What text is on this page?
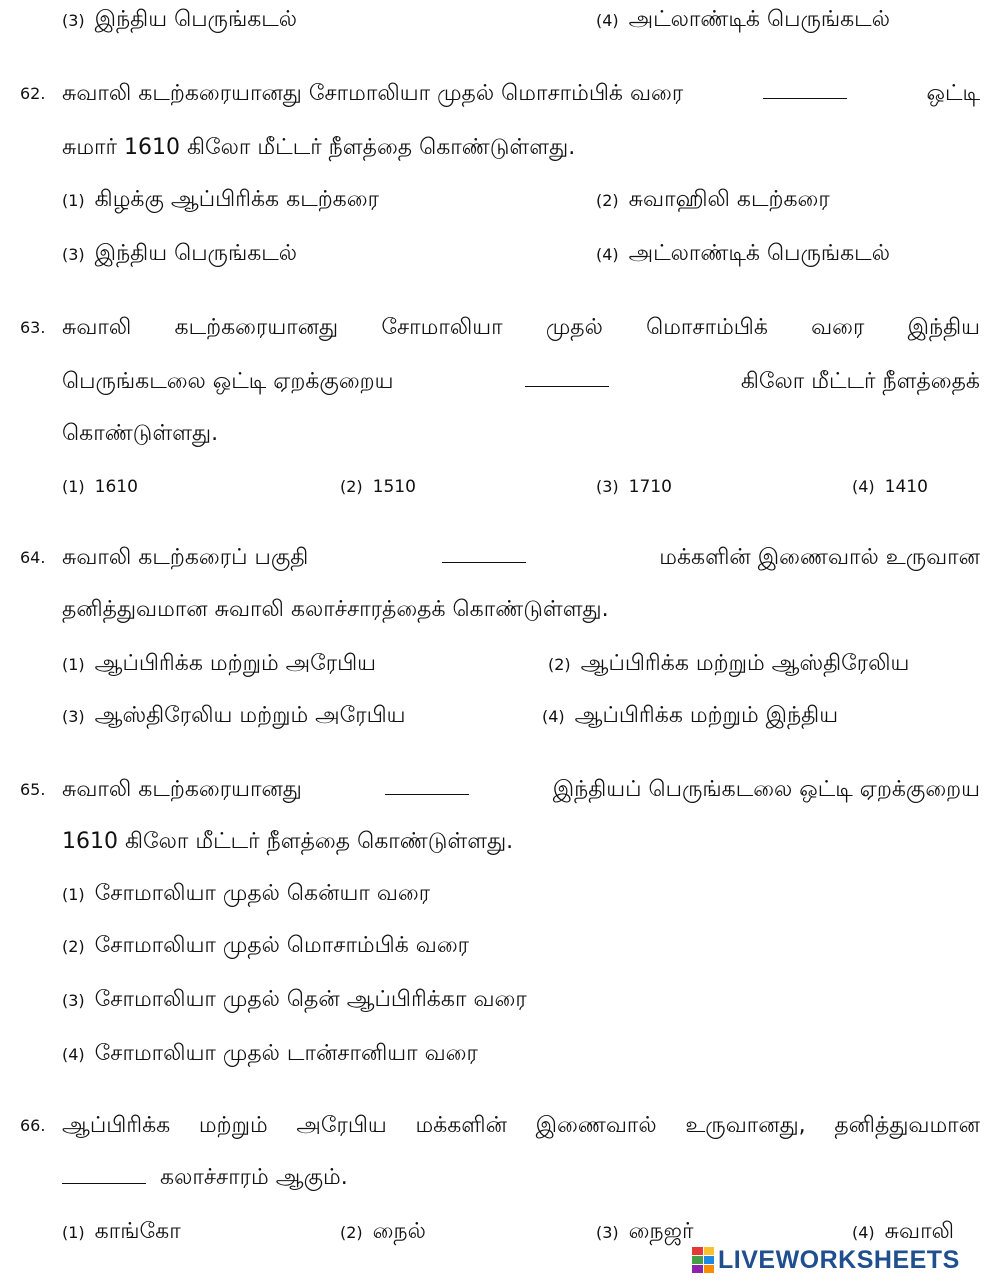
(3) இந்திய பெருங்கடல்	(4) அட்லாண்டிக் பெருங்கடல்
62. சுவாலி கடற்கரையானது சோமாலியா முதல் மொசாம்பிக் வரை	ஒட்டி
சுமார் 1610 கிலோ மீட்டர் நீளத்தை கொண்டுள்ளது.
(1) கிழக்கு ஆப்பிரிக்க கடற்கரை	(2) சுவாஹிலி கடற்கரை
(3) இந்திய பெருங்கடல்	(4) அட்லாண்டிக் பெருங்கடல்
63. சுவாலி கடற்கரையானது சோமாலியா முதல் மொசாம்பிக் வரை இந்திய
பெருங்கடலை ஒட்டி ஏறக்குறைய	கிலோ மீட்டர் நீளத்தைக்
கொண்டுள்ளது.
(1) 1610	(2) 1510	(3) 1710	(4) 1410
64. சுவாலி கடற்கரைப் பகுதி	மக்களின் இணைவால் உருவான
தனித்துவமான சுவாலி கலாச்சாரத்தைக் கொண்டுள்ளது.
(1) ஆப்பிரிக்க மற்றும் அரேபிய	(2) ஆப்பிரிக்க மற்றும் ஆஸ்திரேலிய
(3) ஆஸ்திரேலிய மற்றும் அரேபிய	(4) ஆப்பிரிக்க மற்றும் இந்திய
65. சுவாலி கடற்கரையானது	இந்தியப் பெருங்கடலை ஒட்டி ஏறக்குறைய
1610 கிலோ மீட்டர் நீளத்தை கொண்டுள்ளது.
(1) சோமாலியா முதல் கென்யா வரை
(2) சோமாலியா முதல் மொசாம்பிக் வரை
(3) சோமாலியா முதல் தென் ஆப்பிரிக்கா வரை
(4) சோமாலியா முதல் டான்சானியா வரை
66. ஆப்பிரிக்க மற்றும் அரேபிய மக்களின் இணைவால் உருவானது, தனித்துவமான
கலாச்சாரம் ஆகும்.
(1) காங்கோ	(2) நைல்	(3) நைஜர்	(4) சுவாலி
LIVEWORKSHEETS
